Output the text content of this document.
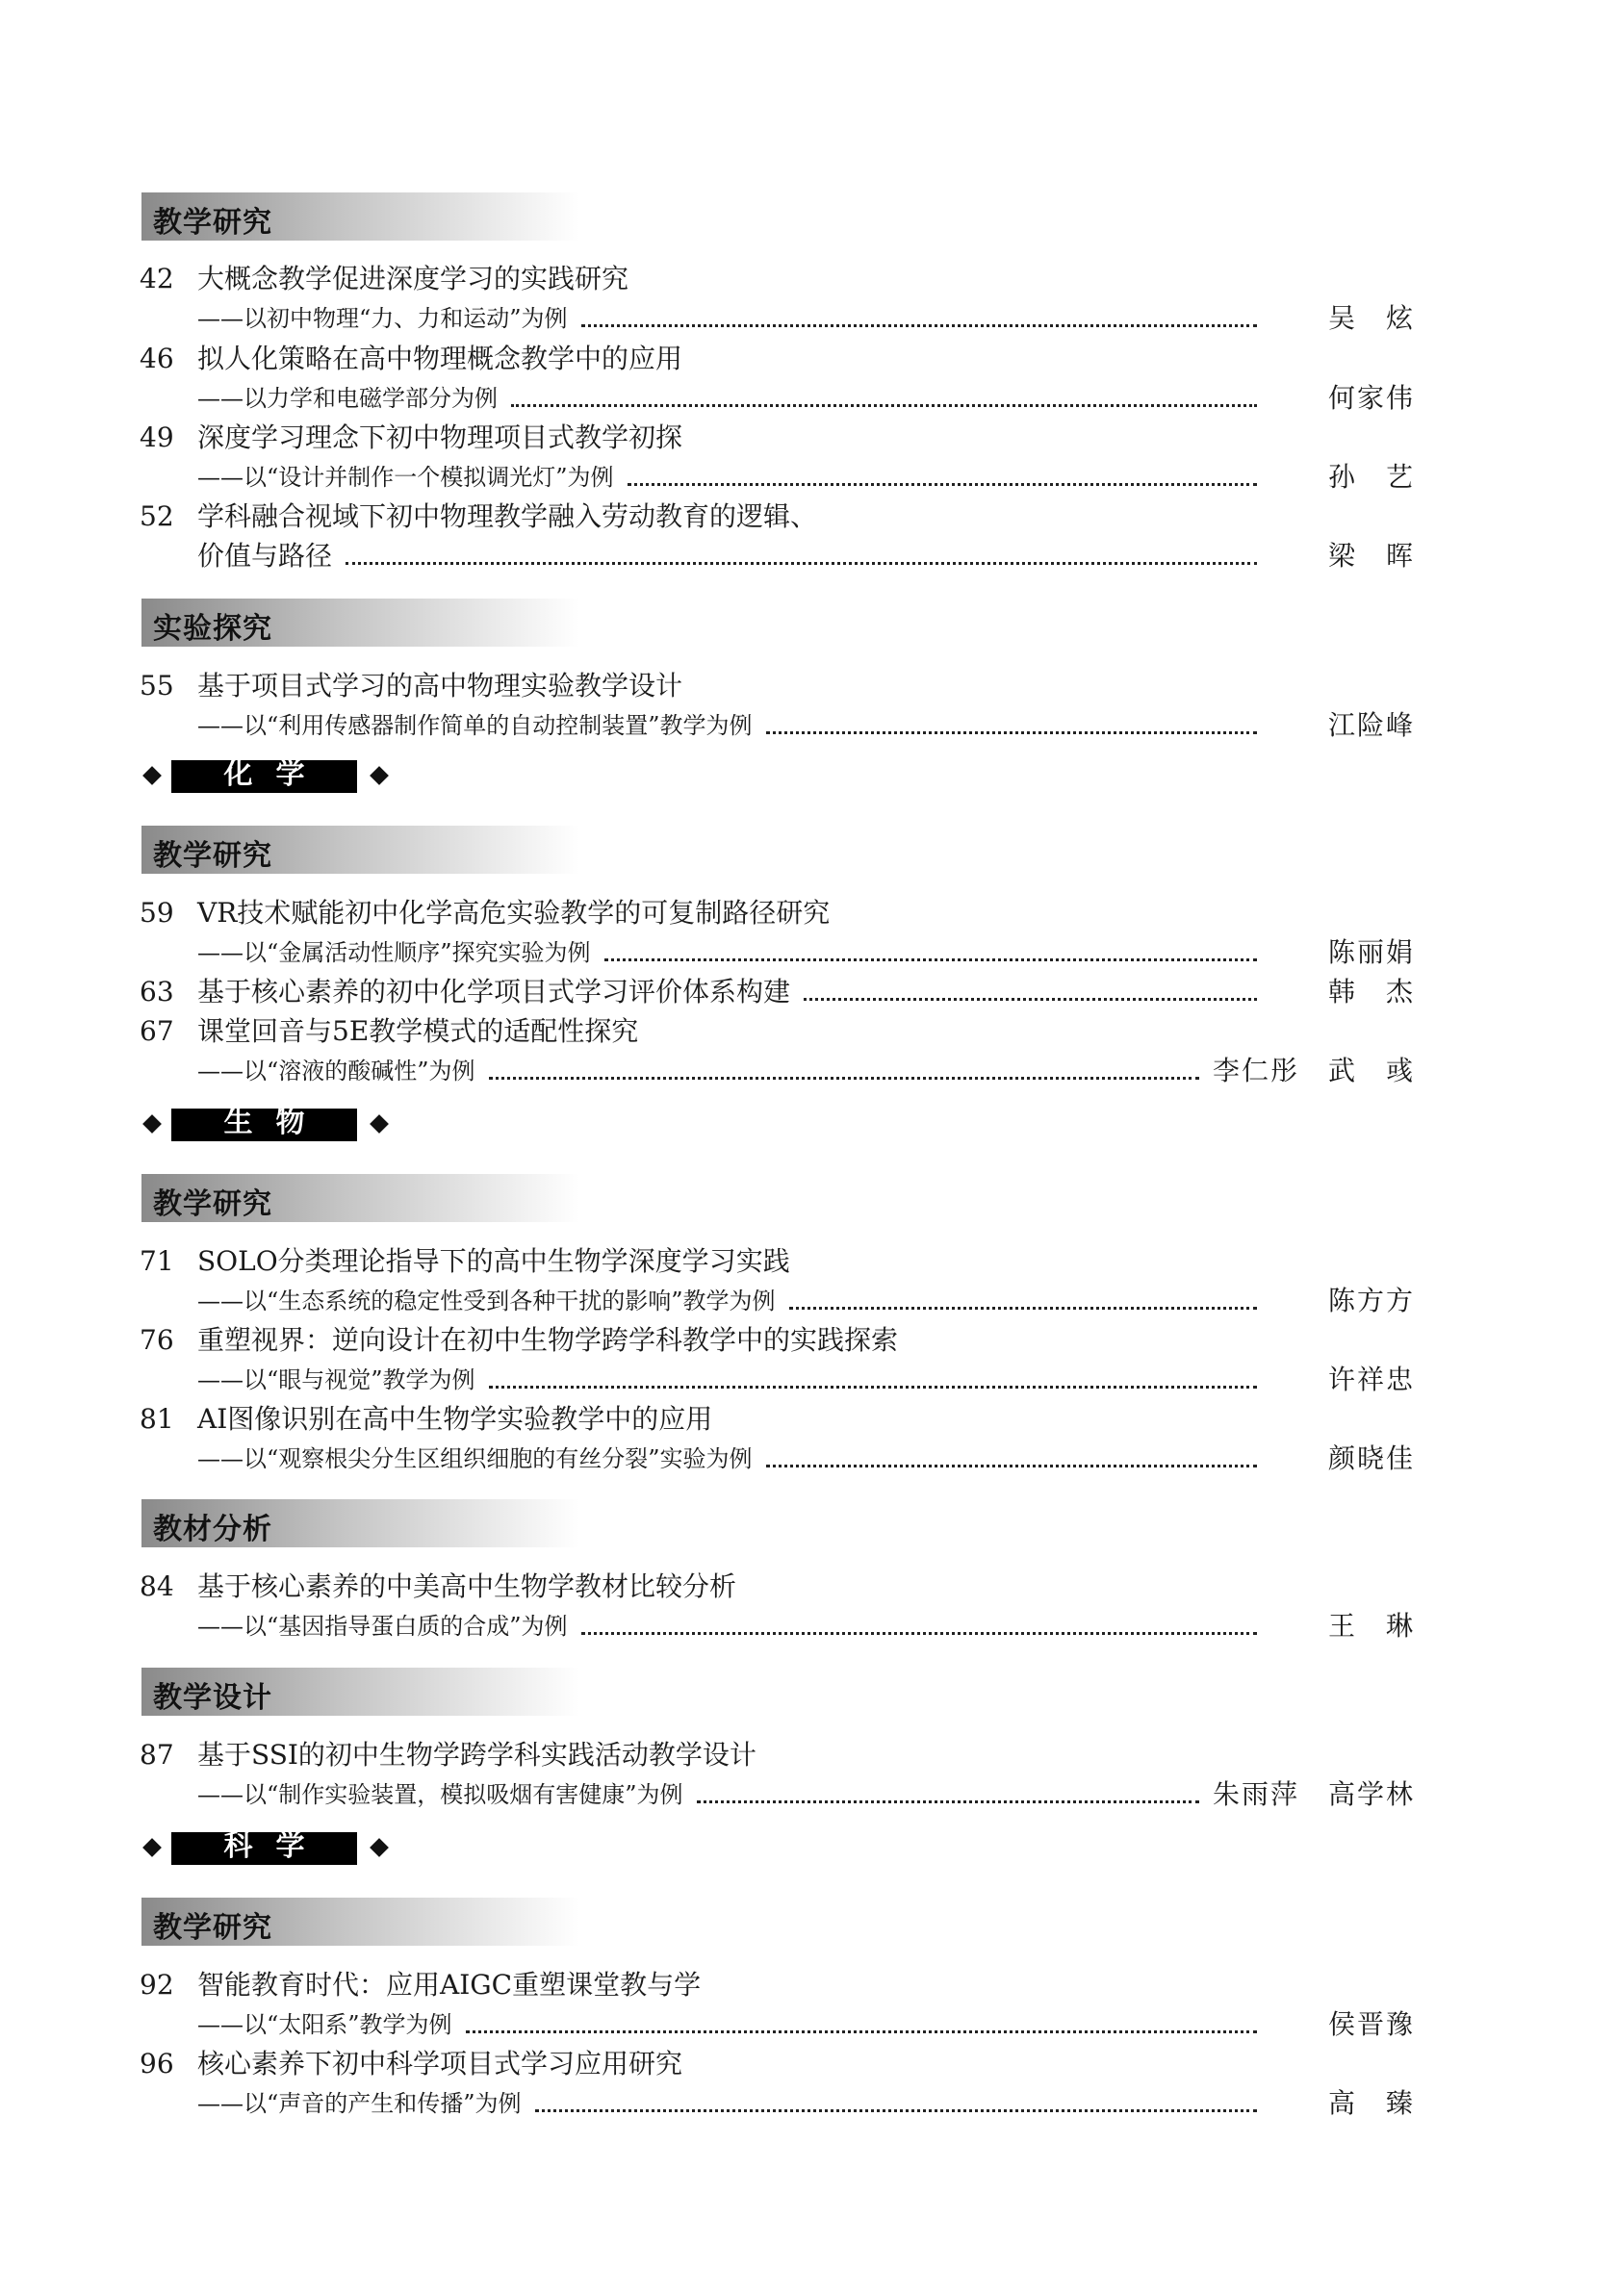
教学研究
42 大概念教学促进深度学习的实践研究
——以初中物理“力、力和运动”为例	吴　炫
46 拟人化策略在高中物理概念教学中的应用
——以力学和电磁学部分为例	何家伟
49 深度学习理念下初中物理项目式教学初探
——以“设计并制作一个模拟调光灯”为例	孙　艺
52 学科融合视域下初中物理教学融入劳动教育的逻辑、
价值与路径	梁　晖
实验探究
55 基于项目式学习的高中物理实验教学设计
——以“利用传感器制作简单的自动控制装置”教学为例	江险峰
化学
教学研究
59 VR技术赋能初中化学高危实验教学的可复制路径研究
——以“金属活动性顺序”探究实验为例	陈丽娟
63 基于核心素养的初中化学项目式学习评价体系构建	韩　杰
67 课堂回音与5E教学模式的适配性探究
——以“溶液的酸碱性”为例	李仁彤　武　彧
生物
教学研究
71 SOLO分类理论指导下的高中生物学深度学习实践
——以“生态系统的稳定性受到各种干扰的影响”教学为例	陈方方
76 重塑视界：逆向设计在初中生物学跨学科教学中的实践探索
——以“眼与视觉”教学为例	许祥忠
81 AI图像识别在高中生物学实验教学中的应用
——以“观察根尖分生区组织细胞的有丝分裂”实验为例	颜晓佳
教材分析
84 基于核心素养的中美高中生物学教材比较分析
——以“基因指导蛋白质的合成”为例	王　琳
教学设计
87 基于SSI的初中生物学跨学科实践活动教学设计
——以“制作实验装置，模拟吸烟有害健康”为例	朱雨萍　高学林
科学
教学研究
92 智能教育时代：应用AIGC重塑课堂教与学
——以“太阳系”教学为例	侯晋豫
96 核心素养下初中科学项目式学习应用研究
——以“声音的产生和传播”为例	高　臻
